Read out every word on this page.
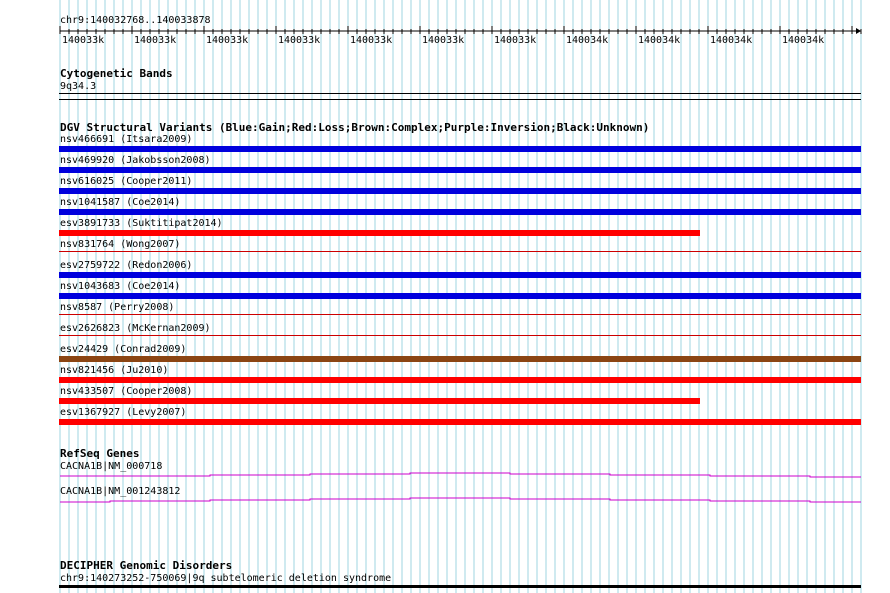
chr9:140032768..140033878
140033k	140033k	140033k	140033k	140033k	140033k	140033k	140034k	140034k	140034k	140034k
Cytogenetic Bands
9q34.3
DGV Structural Variants (Blue:Gain;Red:Loss;Brown:Complex;Purple:Inversion;Black:Unknown)
nsv466691 (Itsara2009)
nsv469920 (Jakobsson2008)
nsv616025 (Cooper2011)
nsv1041587 (Coe2014)
esv3891733 (Suktitipat2014)
nsv831764 (Wong2007)
esv2759722 (Redon2006)
nsv1043683 (Coe2014)
nsv8587 (Perry2008)
esv2626823 (McKernan2009)
esv24429 (Conrad2009)
nsv821456 (Ju2010)
nsv433507 (Cooper2008)
esv1367927 (Levy2007)
RefSeq Genes
CACNA1B|NM_000718
CACNA1B|NM_001243812
DECIPHER Genomic Disorders
chr9:140273252-750069|9q subtelomeric deletion syndrome
